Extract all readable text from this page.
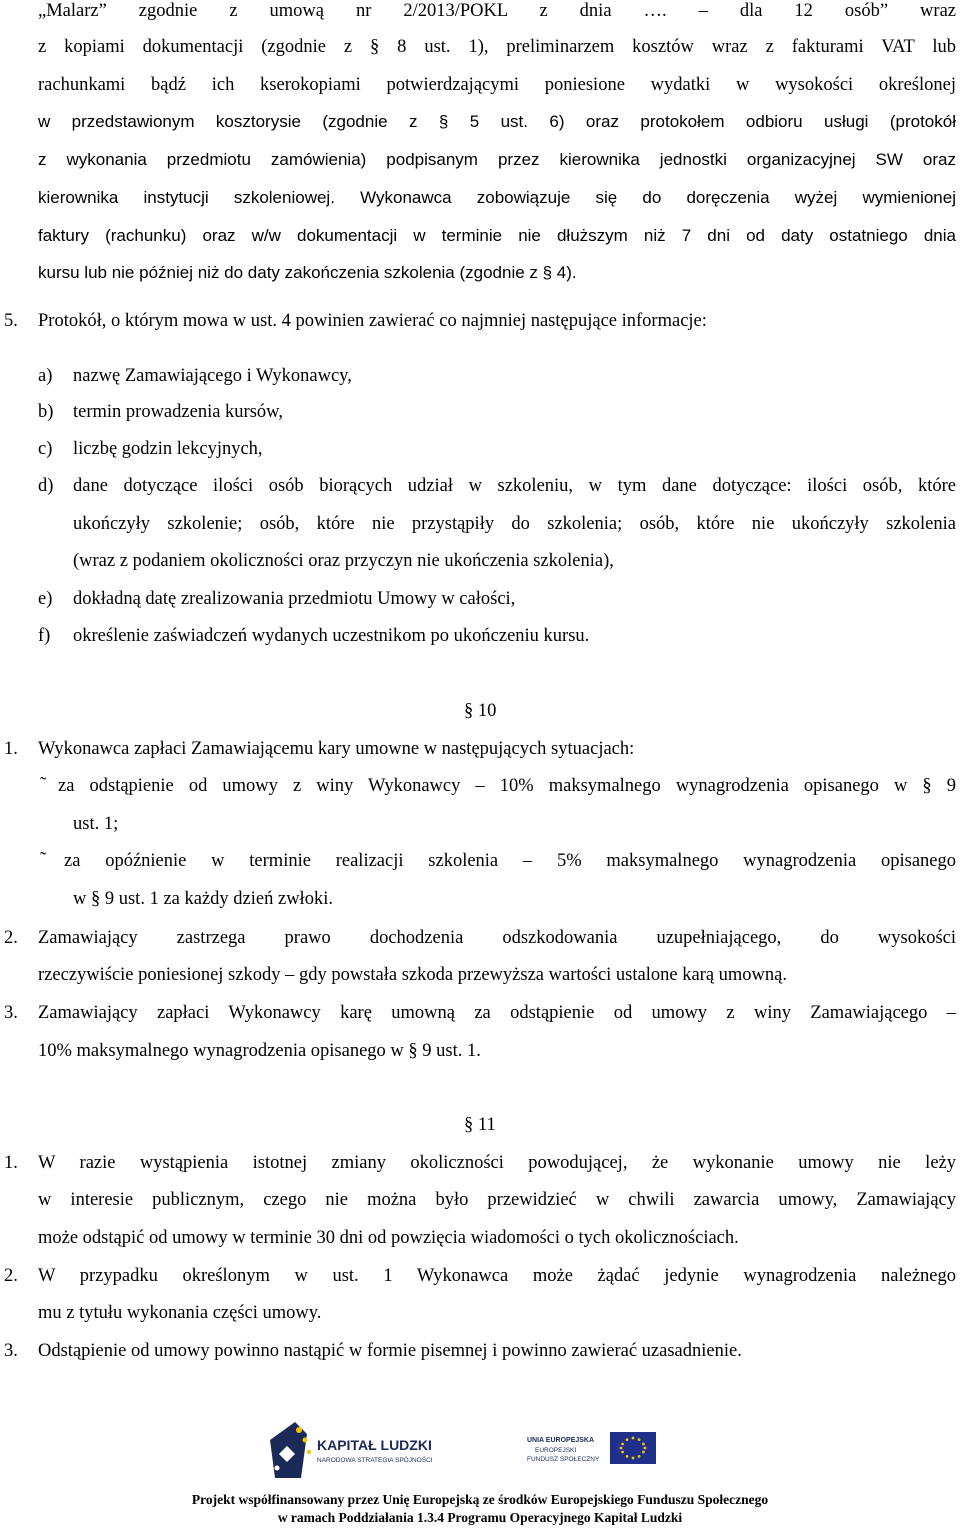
„Malarz” zgodnie z umową nr 2/2013/POKL z dnia …. – dla 12 osób” wraz
z kopiami dokumentacji (zgodnie z § 8 ust. 1), preliminarzem kosztów wraz z fakturami VAT lub
rachunkami bądź ich kserokopiami potwierdzającymi poniesione wydatki w wysokości określonej
w przedstawionym kosztorysie (zgodnie z § 5 ust. 6) oraz protokołem odbioru usługi (protokół
z wykonania przedmiotu zamówienia) podpisanym przez kierownika jednostki organizacyjnej SW oraz
kierownika instytucji szkoleniowej. Wykonawca zobowiązuje się do doręczenia wyżej wymienionej
faktury (rachunku) oraz w/w dokumentacji w terminie nie dłuższym niż 7 dni od daty ostatniego dnia
kursu lub nie później niż do daty zakończenia szkolenia (zgodnie z § 4).
5. Protokół, o którym mowa w ust. 4 powinien zawierać co najmniej następujące informacje:
a) nazwę Zamawiającego i Wykonawcy,
b) termin prowadzenia kursów,
c) liczbę godzin lekcyjnych,
d) dane dotyczące ilości osób biorących udział w szkoleniu, w tym dane dotyczące: ilości osób, które
ukończyły szkolenie; osób, które nie przystąpiły do szkolenia; osób, które nie ukończyły szkolenia
(wraz z podaniem okoliczności oraz przyczyn nie ukończenia szkolenia),
e) dokładną datę zrealizowania przedmiotu Umowy w całości,
f) określenie zaświadczeń wydanych uczestnikom po ukończeniu kursu.
§ 10
1. Wykonawca zapłaci Zamawiającemu kary umowne w następujących sytuacjach:
˜ za odstąpienie od umowy z winy Wykonawcy – 10% maksymalnego wynagrodzenia opisanego w § 9
ust. 1;
˜ za opóźnienie w terminie realizacji szkolenia – 5% maksymalnego wynagrodzenia opisanego
w § 9 ust. 1 za każdy dzień zwłoki.
2. Zamawiający zastrzega prawo dochodzenia odszkodowania uzupełniającego, do wysokości
rzeczywiście poniesionej szkody – gdy powstała szkoda przewyższa wartości ustalone karą umowną.
3. Zamawiający zapłaci Wykonawcy karę umowną za odstąpienie od umowy z winy Zamawiającego –
10% maksymalnego wynagrodzenia opisanego w § 9 ust. 1.
§ 11
1. W razie wystąpienia istotnej zmiany okoliczności powodującej, że wykonanie umowy nie leży
w interesie publicznym, czego nie można było przewidzieć w chwili zawarcia umowy, Zamawiający
może odstąpić od umowy w terminie 30 dni od powzięcia wiadomości o tych okolicznościach.
2. W przypadku określonym w ust. 1 Wykonawca może żądać jedynie wynagrodzenia należnego
mu z tytułu wykonania części umowy.
3. Odstąpienie od umowy powinno nastąpić w formie pisemnej i powinno zawierać uzasadnienie.
KAPITAŁ LUDZKI
NARODOWA STRATEGIA SPÓJNOŚCI
UNIA EUROPEJSKA
EUROPEJSKI
FUNDUSZ SPOŁECZNY
Projekt współfinansowany przez Unię Europejską ze środków Europejskiego Funduszu Społecznego
w ramach Poddziałania 1.3.4 Programu Operacyjnego Kapitał Ludzki
